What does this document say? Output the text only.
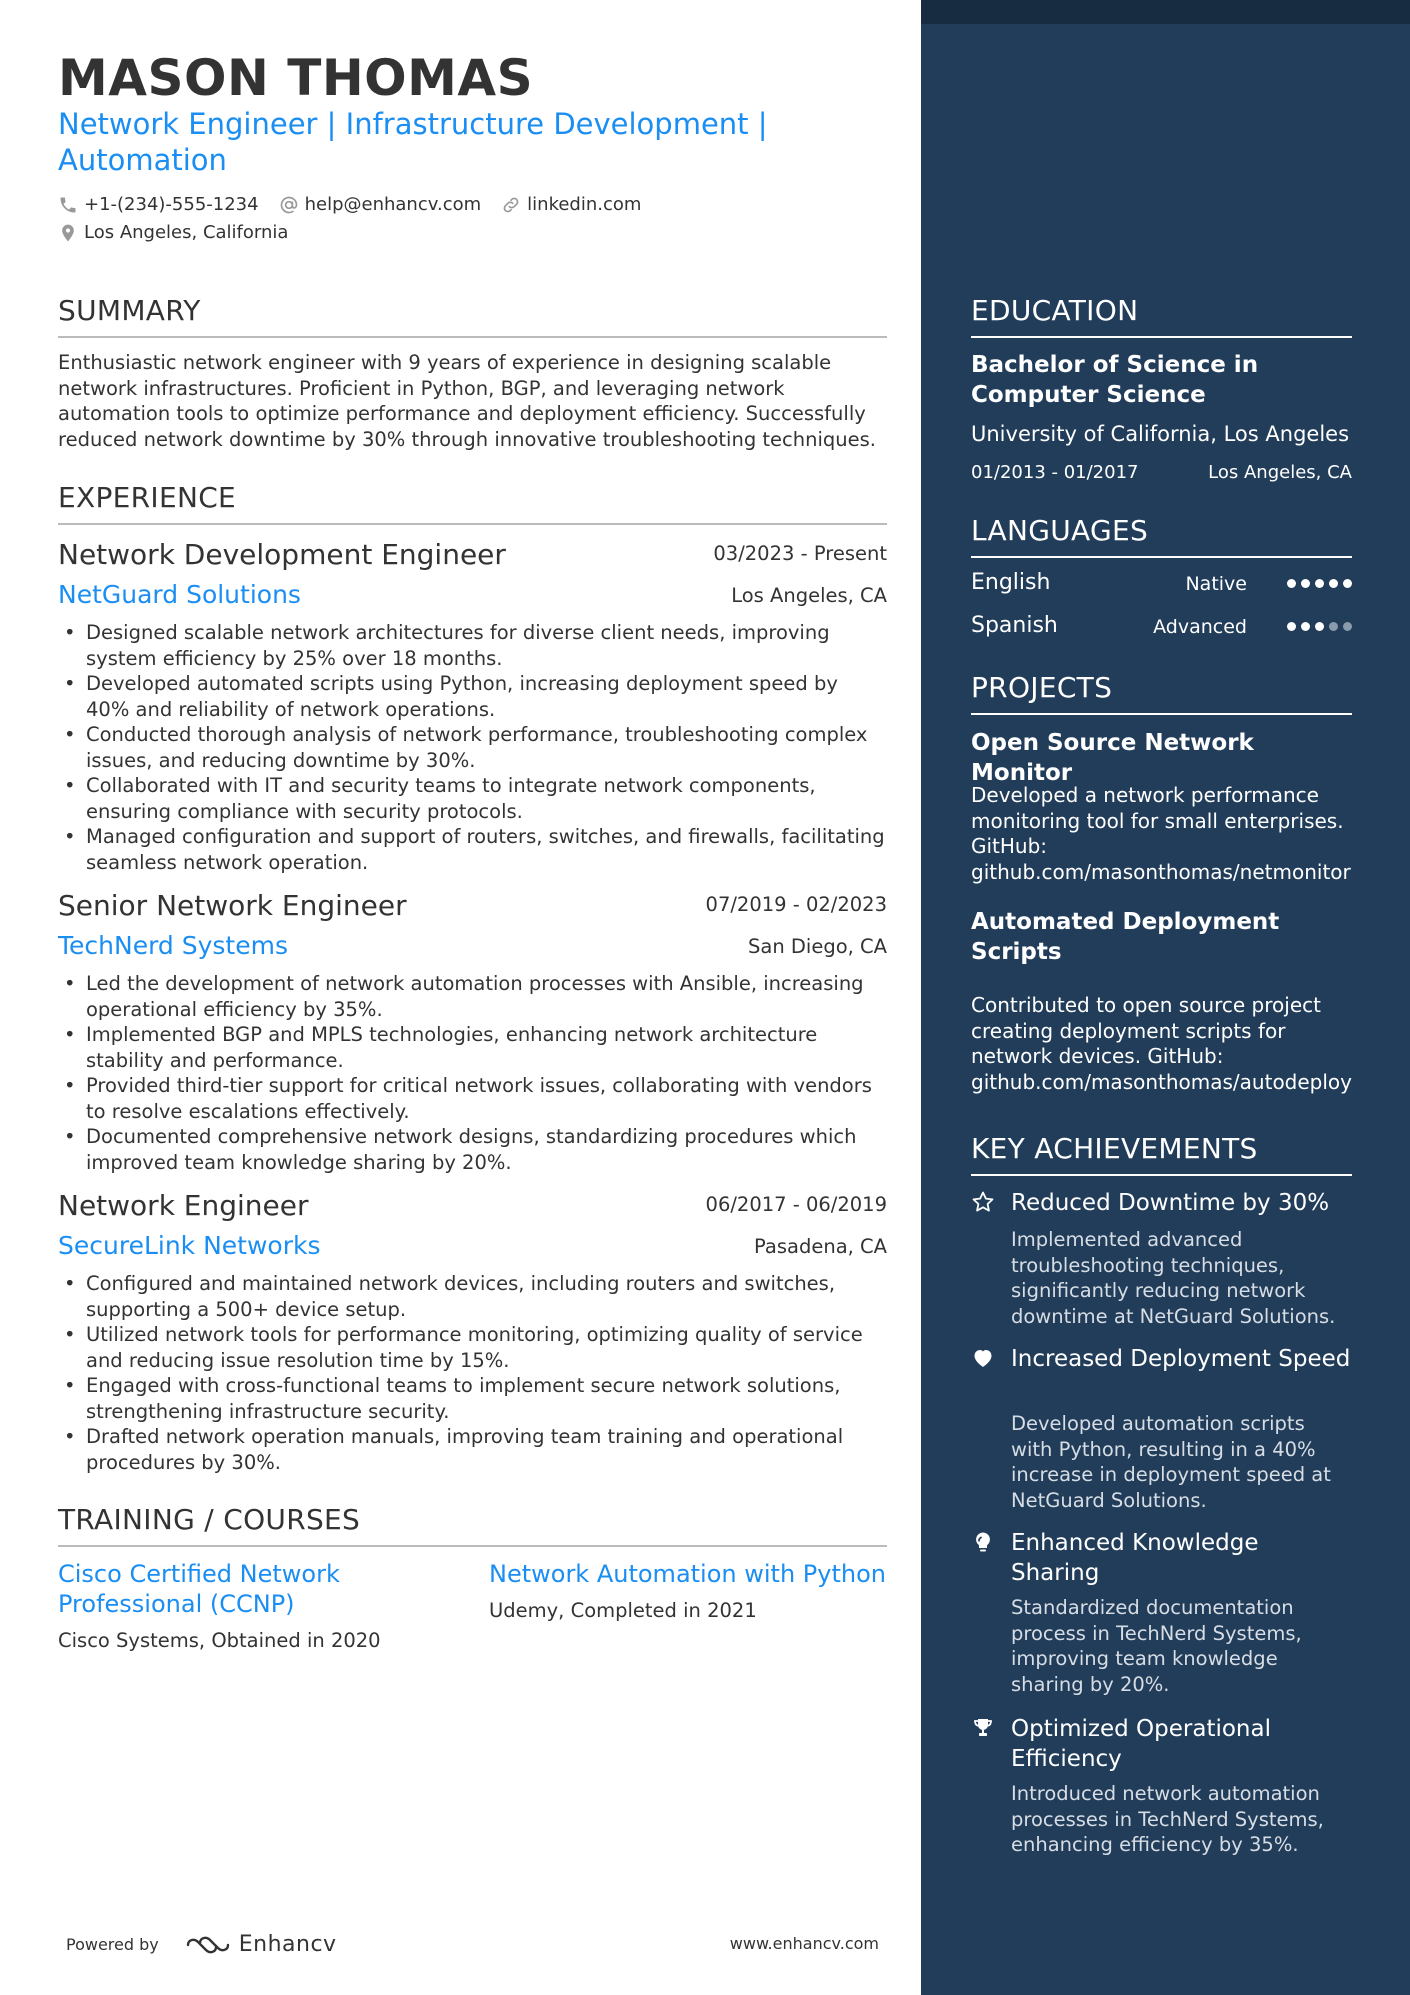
MASON THOMAS
Network Engineer | Infrastructure Development | Automation
+1-(234)-555-1234	help@enhancv.com	linkedin.com
Los Angeles, California
SUMMARY
Enthusiastic network engineer with 9 years of experience in designing scalable network infrastructures. Proficient in Python, BGP, and leveraging network automation tools to optimize performance and deployment efficiency. Successfully reduced network downtime by 30% through innovative troubleshooting techniques.
EXPERIENCE
Network Development Engineer	03/2023 - Present
NetGuard Solutions	Los Angeles, CA
• Designed scalable network architectures for diverse client needs, improving system efficiency by 25% over 18 months.
• Developed automated scripts using Python, increasing deployment speed by 40% and reliability of network operations.
• Conducted thorough analysis of network performance, troubleshooting complex issues, and reducing downtime by 30%.
• Collaborated with IT and security teams to integrate network components, ensuring compliance with security protocols.
• Managed configuration and support of routers, switches, and firewalls, facilitating seamless network operation.
Senior Network Engineer	07/2019 - 02/2023
TechNerd Systems	San Diego, CA
• Led the development of network automation processes with Ansible, increasing operational efficiency by 35%.
• Implemented BGP and MPLS technologies, enhancing network architecture stability and performance.
• Provided third-tier support for critical network issues, collaborating with vendors to resolve escalations effectively.
• Documented comprehensive network designs, standardizing procedures which improved team knowledge sharing by 20%.
Network Engineer	06/2017 - 06/2019
SecureLink Networks	Pasadena, CA
• Configured and maintained network devices, including routers and switches, supporting a 500+ device setup.
• Utilized network tools for performance monitoring, optimizing quality of service and reducing issue resolution time by 15%.
• Engaged with cross-functional teams to implement secure network solutions, strengthening infrastructure security.
• Drafted network operation manuals, improving team training and operational procedures by 30%.
TRAINING / COURSES
Cisco Certified Network Professional (CCNP)
Cisco Systems, Obtained in 2020
Network Automation with Python
Udemy, Completed in 2021
Powered by	Enhancv	www.enhancv.com
EDUCATION
Bachelor of Science in Computer Science
University of California, Los Angeles
01/2013 - 01/2017	Los Angeles, CA
LANGUAGES
English	Native
Spanish	Advanced
PROJECTS
Open Source Network Monitor
Developed a network performance monitoring tool for small enterprises. GitHub: github.com/masonthomas/netmonitor
Automated Deployment Scripts
Contributed to open source project creating deployment scripts for network devices. GitHub: github.com/masonthomas/autodeploy
KEY ACHIEVEMENTS
Reduced Downtime by 30%
Implemented advanced troubleshooting techniques, significantly reducing network downtime at NetGuard Solutions.
Increased Deployment Speed
Developed automation scripts with Python, resulting in a 40% increase in deployment speed at NetGuard Solutions.
Enhanced Knowledge Sharing
Standardized documentation process in TechNerd Systems, improving team knowledge sharing by 20%.
Optimized Operational Efficiency
Introduced network automation processes in TechNerd Systems, enhancing efficiency by 35%.
